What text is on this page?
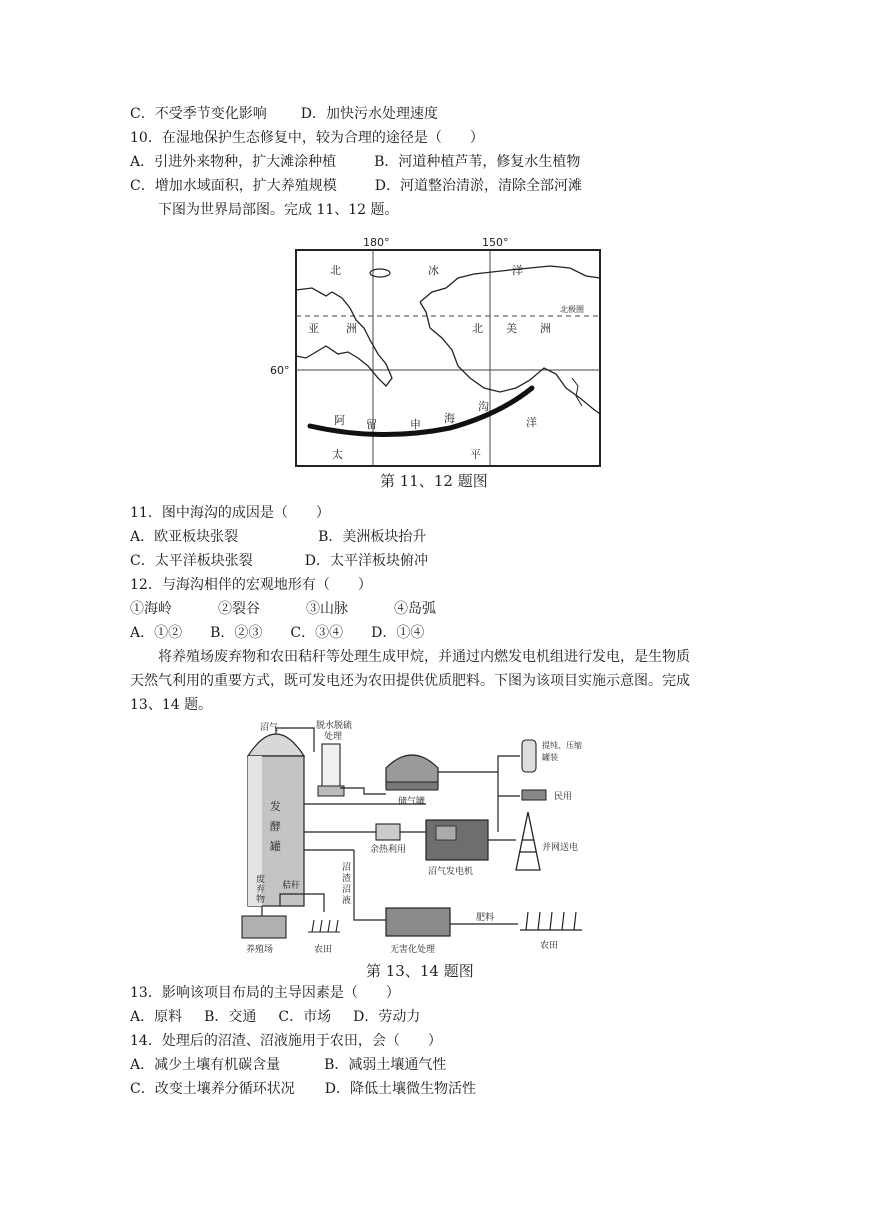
C．不受季节变化影响 D．加快污水处理速度
10．在湿地保护生态修复中，较为合理的途径是（　　）
A．引进外来物种，扩大滩涂种植	B．河道种植芦苇，修复水生植物
C．增加水域面积，扩大养殖规模	D．河道整治清淤，清除全部河滩
下图为世界局部图。完成 11、12 题。
180°	150°
60°
北极圈
北	冰	洋
亚 洲	北 美 洲
阿 留	申 海
沟
洋
太	平
第 11、12 题图
11．图中海沟的成因是（　　）
A．欧亚板块张裂	B．美洲板块抬升
C．太平洋板块张裂	D．太平洋板块俯冲
12．与海沟相伴的宏观地形有（　　）
①海岭	②裂谷	③山脉	④岛弧
A．①② B．②③ C．③④ D．①④
将养殖场废弃物和农田秸秆等处理生成甲烷，并通过内燃发电机组进行发电，是生物质
天然气利用的重要方式，既可发电还为农田提供优质肥料。下图为该项目实施示意图。完成
13、14 题。
发
酵
罐
沼气	脱水脱硫
处理
储气罐
提纯、压缩
罐装
民用
沼气发电机
余热利用	并网送电
废
弃
物
秸秆
沼
渣
沼
液
养殖场	农田	无害化处理
肥料
农田
第 13、14 题图
13．影响该项目布局的主导因素是（　　）
A．原料 B．交通 C．市场 D．劳动力
14．处理后的沼渣、沼液施用于农田，会（　　）
A．减少土壤有机碳含量	B．减弱土壤通气性
C．改变土壤养分循环状况 D．降低土壤微生物活性
